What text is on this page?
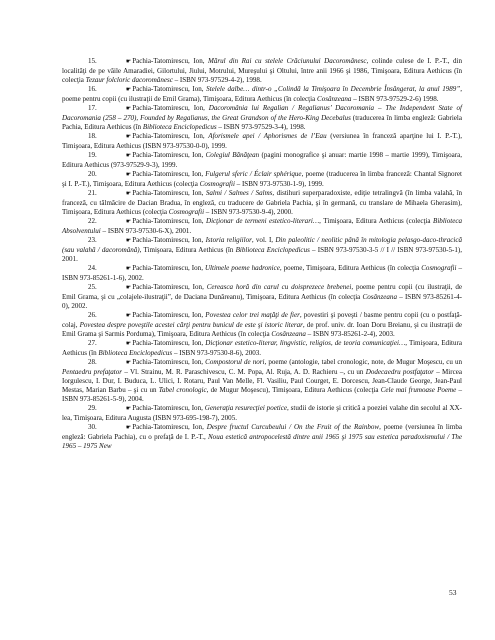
15.	☛Pachia-Tatomirescu, Ion, Mărul din Rai cu stelele Crăciunului Dacoromânesc, colinde culese de I. P.-T., din localităţi de pe văile Amaradiei, Gilortului, Jiului, Motrului, Mureşului şi Oltului, între anii 1966 şi 1986, Timişoara, Editura Aethicus (în colecţia Tezaur folcloric dacoromânesc – ISBN 973-97529-4-2), 1998.

16.	☛Pachia-Tatomirescu, Ion, Stelele dalbe… dintr-o „Colindă la Timişoara în Decembrie Însângerat, la anul 1989”, poeme pentru copii (cu ilustraţii de Emil Grama), Timişoara, Editura Aethicus (în colecţia Cosânzeana – ISBN 973-97529-2-6) 1998.

17.	☛Pachia-Tatomirescu, Ion, Dacoromânia lui Regalian / Regalianus’ Dacoromania – The Independent State of Dacoromania (258 – 270), Founded by Regalianus, the Great Grandson of the Hero-King Decebalus (traducerea în limba engleză: Gabriela Pachia, Editura Aethicus (în Biblioteca Enciclopedicus – ISBN 973-97529-3-4), 1998.

18.	☛Pachia-Tatomirescu, Ion, Aforismele apei / Aphorismes de l’Eau (versiunea în franceză aparţine lui I. P.-T.), Timişoara, Editura Aethicus (ISBN 973-97530-0-0), 1999.

19.	☛Pachia-Tatomirescu, Ion, Colegiul Bănăţean (pagini monografice şi anuar: martie 1998 – martie 1999), Timişoara, Editura Aethicus (973-97529-9-3), 1999.

20.	☛Pachia-Tatomirescu, Ion, Fulgerul sferic / Éclair sphérique, poeme (traducerea în limba franceză: Chantal Signoret şi I. P.-T.), Timişoara, Editura Aethicus (colecţia Cosmografii – ISBN 973-97530-1-9), 1999.

21.	☛Pachia-Tatomirescu, Ion, Salmi / Salmes / Salms, distihuri superparadoxiste, ediţie tetralingvă (în limba valahă, în franceză, cu tălmăcire de Dacian Bradua, în engleză, cu traducere de Gabriela Pachia, şi în germană, cu translare de Mihaela Gherasim), Timişoara, Editura Aethicus (colecţia Cosmografii – ISBN 973-97530-9-4), 2000.

22.	☛Pachia-Tatomirescu, Ion, Dicţionar de termeni estetico-literari…, Timişoara, Editura Aethicus (colecţia Biblioteca Absolventului – ISBN 973-97530-6-X), 2001.

23.	☛Pachia-Tatomirescu, Ion, Istoria religiilor, vol. I, Din paleolitic / neolitic până în mitologia pelasgo-daco-thracică (sau valahă / dacoromână), Timişoara, Editura Aethicus (în Biblioteca Enciclopedicus – ISBN 973-97530-3-5 // I // ISBN 973-97530-5-1), 2001.

24.	☛Pachia-Tatomirescu, Ion, Ultimele poeme hadronice, poeme, Timişoara, Editura Aethicus (în colecţia Cosmografii – ISBN 973-85261-1-6), 2002.

25.	☛Pachia-Tatomirescu, Ion, Cereasca horă din carul cu doisprezece brebenei, poeme pentru copii (cu ilustraţii, de Emil Grama, şi cu „colajele-ilustraţii”, de Daciana Dunăreanu), Timişoara, Editura Aethicus (în colecţia Cosânzeana – ISBN 973-85261-4-0), 2002.

26.	☛Pachia-Tatomirescu, Ion, Povestea celor trei maţăţi de fier, povestiri şi poveşti / basme pentru copii (cu o postfaţă-colaj, Povestea despre poveştile acestei cărţi pentru bunicul de este şi istoric literar, de prof. univ. dr. Ioan Doru Breianu, şi cu ilustraţii de Emil Grama şi Sarmis Porduma), Timişoara, Editura Aethicus (în colecţia Cosânzeana – ISBN 973-85261-2-4), 2003.

27.	☛Pachia-Tatomirescu, Ion, Dicţionar estetico-literar, lingvistic, religios, de teoria comunicaţiei…, Timişoara, Editura Aethicus (în Biblioteca Enciclopedicus – ISBN 973-97530-8-6), 2003.

28.	☛Pachia-Tatomirescu, Ion, Compostorul de nori, poeme (antologie, tabel cronologic, note, de Mugur Moşescu, cu un Pentaedru prefaţator – Vl. Strainu, M. R. Paraschivescu, C. M. Popa, Al. Ruja, A. D. Rachieru –, cu un Dodecaedru postfaţator – Mircea Iorgulescu, I. Dur, I. Buduca, L. Ulici, I. Rotaru, Paul Van Melle, Fl. Vasiliu, Paul Courget, E. Dorcescu, Jean-Claude George, Jean-Paul Mestas, Marian Barbu – şi cu un Tabel cronologic, de Mugur Moşescu), Timişoara, Editura Aethicus (colecţia Cele mai frumoase Poeme – ISBN 973-85261-5-9), 2004.

29.	☛Pachia-Tatomirescu, Ion, Generaţia resurecţiei poetice, studii de istorie şi critică a poeziei valahe din secolul al XX-lea, Timişoara, Editura Augusta (ISBN 973-695-198-7), 2005.

30.	☛Pachia-Tatomirescu, Ion, Despre fructul Curcubeului / On the Fruit of the Rainbow, poeme (versiunea în limba engleză: Gabriela Pachia), cu o prefaţă de I. P.-T., Noua estetică antropocelestă dintre anii 1965 şi 1975 sau estetica paradoxismului / The 1965 – 1975 New

53
